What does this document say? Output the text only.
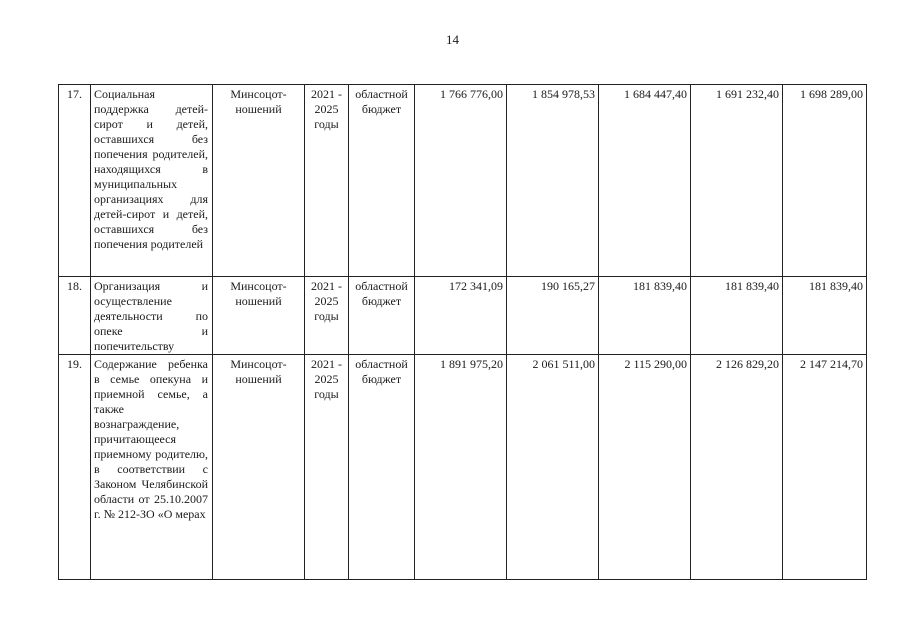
14
17.	Социальная поддержка детей-сирот и детей, оставшихся без попечения родителей, находящихся в муниципальных организациях для детей-сирот и детей, оставшихся без попечения родителей	Минсоцот-ношений	2021 - 2025 годы	областной бюджет	1 766 776,00	1 854 978,53	1 684 447,40	1 691 232,40	1 698 289,00
18.	Организация и осуществление деятельности по опеке и попечительству	Минсоцот-ношений	2021 - 2025 годы	областной бюджет	172 341,09	190 165,27	181 839,40	181 839,40	181 839,40
19.	Содержание ребенка в семье опекуна и приемной семье, а также вознаграждение, причитающееся приемному родителю, в соответствии с Законом Челябинской области от 25.10.2007 г. № 212-ЗО «О мерах	Минсоцот-ношений	2021 - 2025 годы	областной бюджет	1 891 975,20	2 061 511,00	2 115 290,00	2 126 829,20	2 147 214,70
